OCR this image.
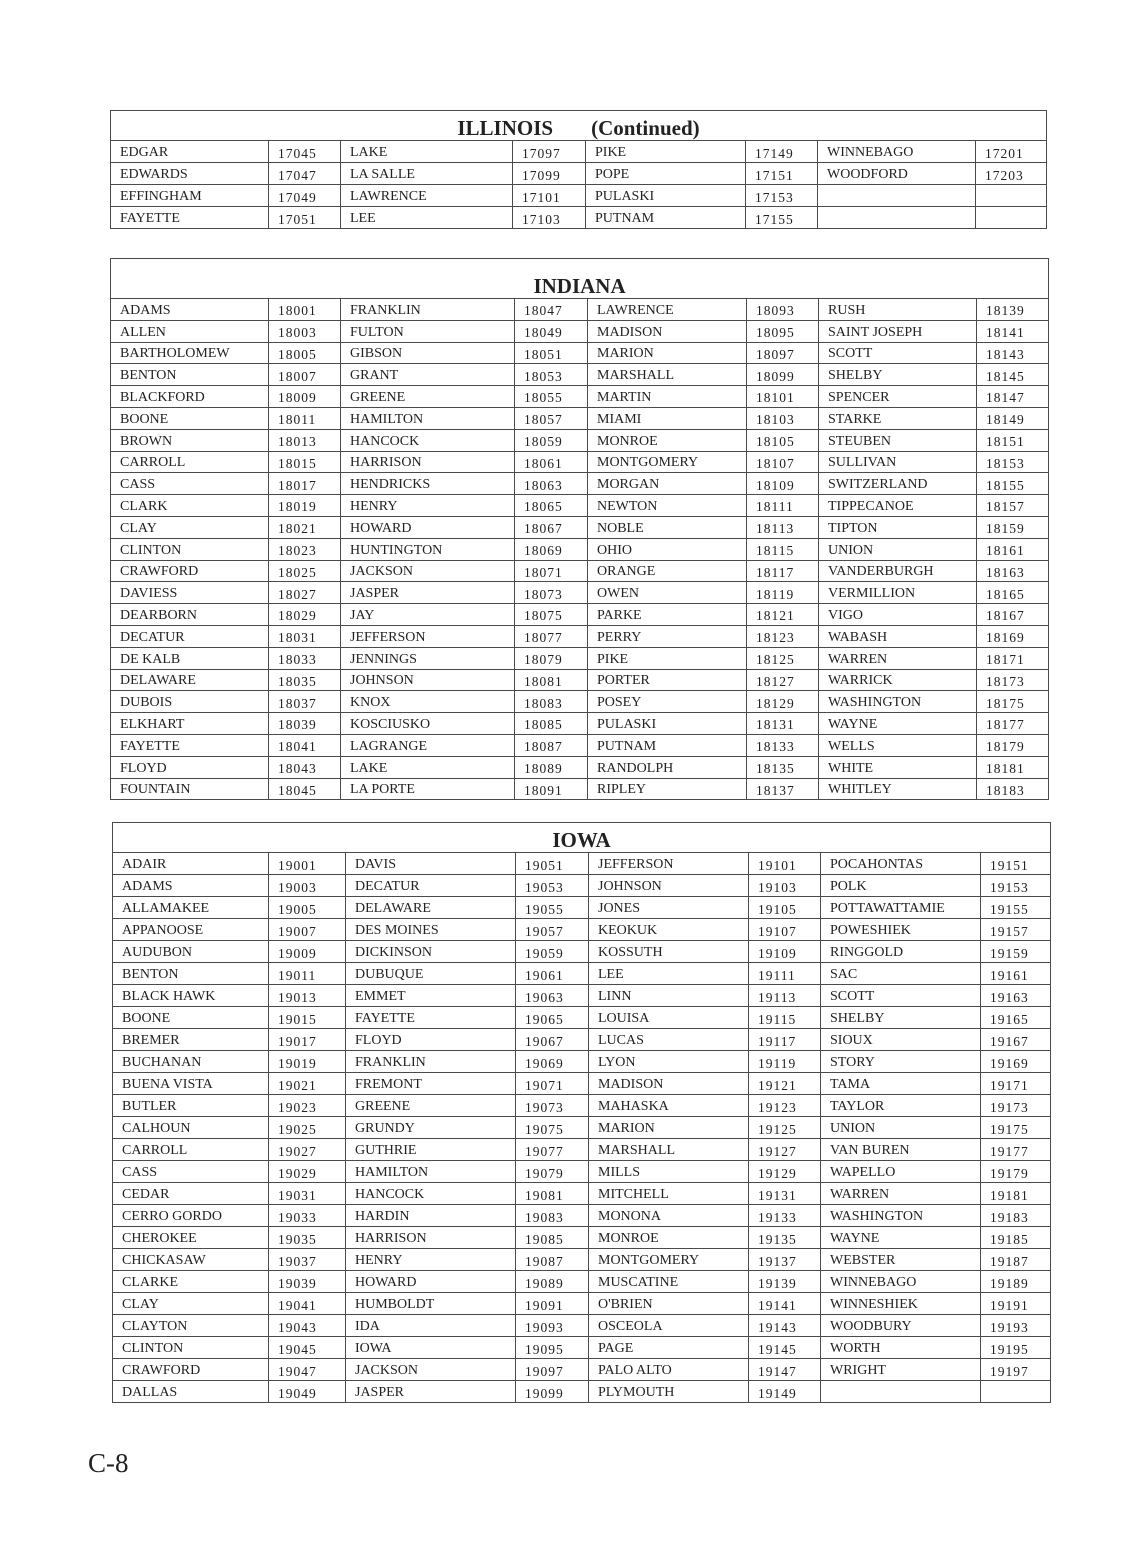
ILLINOIS (Continued)							
EDGAR	17045	LAKE	17097	PIKE	17149	WINNEBAGO	17201
EDWARDS	17047	LA SALLE	17099	POPE	17151	WOODFORD	17203
EFFINGHAM	17049	LAWRENCE	17101	PULASKI	17153		
FAYETTE	17051	LEE	17103	PUTNAM	17155		
INDIANA							
ADAMS	18001	FRANKLIN	18047	LAWRENCE	18093	RUSH	18139
ALLEN	18003	FULTON	18049	MADISON	18095	SAINT JOSEPH	18141
BARTHOLOMEW	18005	GIBSON	18051	MARION	18097	SCOTT	18143
BENTON	18007	GRANT	18053	MARSHALL	18099	SHELBY	18145
BLACKFORD	18009	GREENE	18055	MARTIN	18101	SPENCER	18147
BOONE	18011	HAMILTON	18057	MIAMI	18103	STARKE	18149
BROWN	18013	HANCOCK	18059	MONROE	18105	STEUBEN	18151
CARROLL	18015	HARRISON	18061	MONTGOMERY	18107	SULLIVAN	18153
CASS	18017	HENDRICKS	18063	MORGAN	18109	SWITZERLAND	18155
CLARK	18019	HENRY	18065	NEWTON	18111	TIPPECANOE	18157
CLAY	18021	HOWARD	18067	NOBLE	18113	TIPTON	18159
CLINTON	18023	HUNTINGTON	18069	OHIO	18115	UNION	18161
CRAWFORD	18025	JACKSON	18071	ORANGE	18117	VANDERBURGH	18163
DAVIESS	18027	JASPER	18073	OWEN	18119	VERMILLION	18165
DEARBORN	18029	JAY	18075	PARKE	18121	VIGO	18167
DECATUR	18031	JEFFERSON	18077	PERRY	18123	WABASH	18169
DE KALB	18033	JENNINGS	18079	PIKE	18125	WARREN	18171
DELAWARE	18035	JOHNSON	18081	PORTER	18127	WARRICK	18173
DUBOIS	18037	KNOX	18083	POSEY	18129	WASHINGTON	18175
ELKHART	18039	KOSCIUSKO	18085	PULASKI	18131	WAYNE	18177
FAYETTE	18041	LAGRANGE	18087	PUTNAM	18133	WELLS	18179
FLOYD	18043	LAKE	18089	RANDOLPH	18135	WHITE	18181
FOUNTAIN	18045	LA PORTE	18091	RIPLEY	18137	WHITLEY	18183
IOWA							
ADAIR	19001	DAVIS	19051	JEFFERSON	19101	POCAHONTAS	19151
ADAMS	19003	DECATUR	19053	JOHNSON	19103	POLK	19153
ALLAMAKEE	19005	DELAWARE	19055	JONES	19105	POTTAWATTAMIE	19155
APPANOOSE	19007	DES MOINES	19057	KEOKUK	19107	POWESHIEK	19157
AUDUBON	19009	DICKINSON	19059	KOSSUTH	19109	RINGGOLD	19159
BENTON	19011	DUBUQUE	19061	LEE	19111	SAC	19161
BLACK HAWK	19013	EMMET	19063	LINN	19113	SCOTT	19163
BOONE	19015	FAYETTE	19065	LOUISA	19115	SHELBY	19165
BREMER	19017	FLOYD	19067	LUCAS	19117	SIOUX	19167
BUCHANAN	19019	FRANKLIN	19069	LYON	19119	STORY	19169
BUENA VISTA	19021	FREMONT	19071	MADISON	19121	TAMA	19171
BUTLER	19023	GREENE	19073	MAHASKA	19123	TAYLOR	19173
CALHOUN	19025	GRUNDY	19075	MARION	19125	UNION	19175
CARROLL	19027	GUTHRIE	19077	MARSHALL	19127	VAN BUREN	19177
CASS	19029	HAMILTON	19079	MILLS	19129	WAPELLO	19179
CEDAR	19031	HANCOCK	19081	MITCHELL	19131	WARREN	19181
CERRO GORDO	19033	HARDIN	19083	MONONA	19133	WASHINGTON	19183
CHEROKEE	19035	HARRISON	19085	MONROE	19135	WAYNE	19185
CHICKASAW	19037	HENRY	19087	MONTGOMERY	19137	WEBSTER	19187
CLARKE	19039	HOWARD	19089	MUSCATINE	19139	WINNEBAGO	19189
CLAY	19041	HUMBOLDT	19091	O'BRIEN	19141	WINNESHIEK	19191
CLAYTON	19043	IDA	19093	OSCEOLA	19143	WOODBURY	19193
CLINTON	19045	IOWA	19095	PAGE	19145	WORTH	19195
CRAWFORD	19047	JACKSON	19097	PALO ALTO	19147	WRIGHT	19197
DALLAS	19049	JASPER	19099	PLYMOUTH	19149		
C-8
